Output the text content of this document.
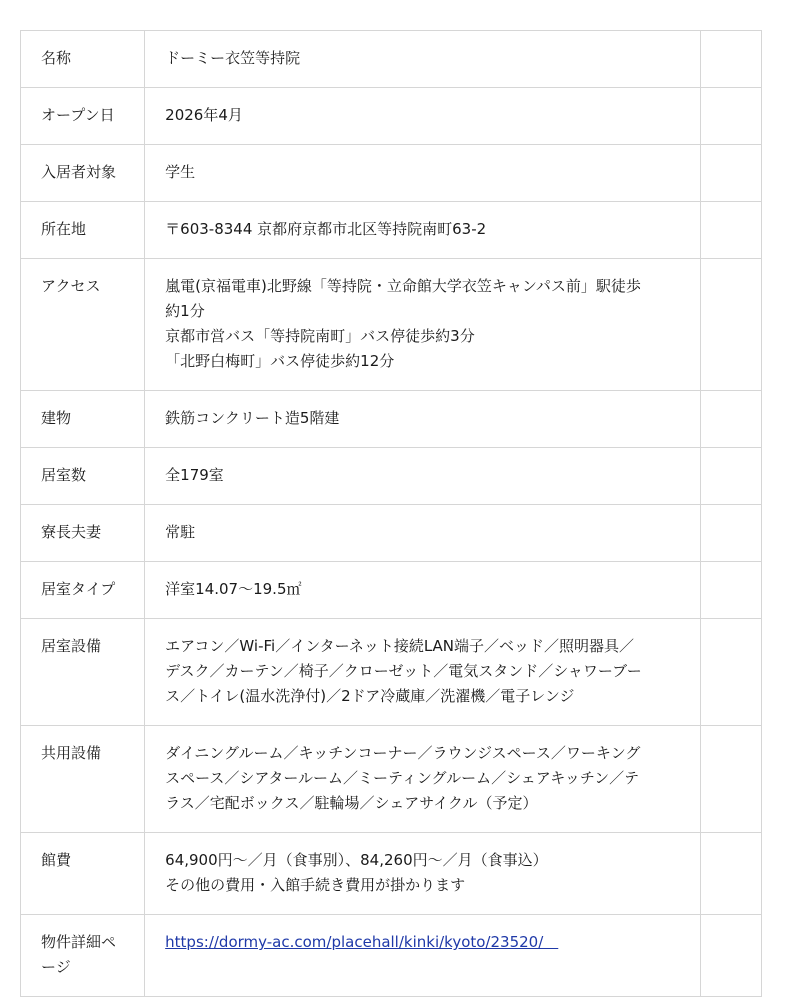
名称	ドーミー衣笠等持院	

オープン日	2026年4月	

入居者対象	学生	

所在地	〒603-8344 京都府京都市北区等持院南町63-2	

アクセス	嵐電(京福電車)北野線「等持院・立命館大学衣笠キャンパス前」駅徒歩
約1分
京都市営バス「等持院南町」バス停徒歩約3分
「北野白梅町」バス停徒歩約12分	

建物	鉄筋コンクリート造5階建	

居室数	全179室	

寮長夫妻	常駐	

居室タイプ	洋室14.07〜19.5㎡	

居室設備	エアコン／Wi-Fi／インターネット接続LAN端子／ベッド／照明器具／
デスク／カーテン／椅子／クローゼット／電気スタンド／シャワーブー
ス／トイレ(温水洗浄付)／2ドア冷蔵庫／洗濯機／電子レンジ	

共用設備	ダイニングルーム／キッチンコーナー／ラウンジスペース／ワーキング
スペース／シアタールーム／ミーティングルーム／シェアキッチン／テ
ラス／宅配ボックス／駐輪場／シェアサイクル（予定）	

館費	64,900円〜／月（食事別）、84,260円〜／月（食事込）
その他の費用・入館手続き費用が掛かります	

物件詳細ペ
ージ	https://dormy-ac.com/placehall/kinki/kyoto/23520/　	
